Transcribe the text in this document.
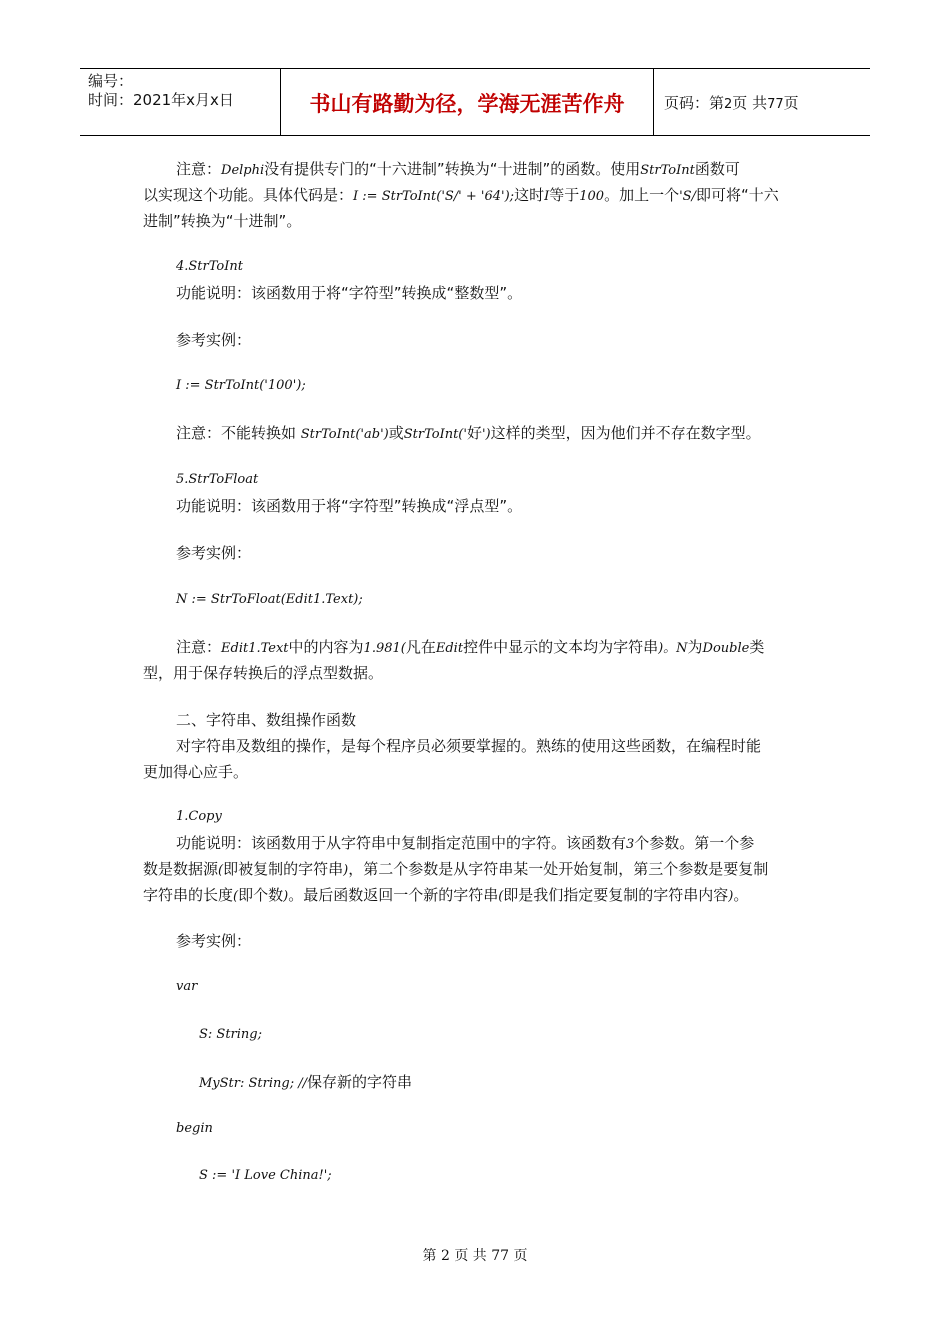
编号：
时间：2021年x月x日	书山有路勤为径，学海无涯苦作舟	页码：第2页 共77页
注意：Delphi没有提供专门的“十六进制”转换为“十进制”的函数。使用StrToInt函数可
以实现这个功能。具体代码是：I := StrToInt('S/' + '64');这时I等于100。加上一个'S/即可将“十六
进制”转换为“十进制”。
4.StrToInt
功能说明：该函数用于将“字符型”转换成“整数型”。
参考实例：
I := StrToInt('100');
注意：不能转换如 StrToInt('ab')或StrToInt('好')这样的类型，因为他们并不存在数字型。
5.StrToFloat
功能说明：该函数用于将“字符型”转换成“浮点型”。
参考实例：
N := StrToFloat(Edit1.Text);
注意：Edit1.Text中的内容为1.981(凡在Edit控件中显示的文本均为字符串)。N为Double类
型，用于保存转换后的浮点型数据。
二、字符串、数组操作函数
对字符串及数组的操作，是每个程序员必须要掌握的。熟练的使用这些函数，在编程时能
更加得心应手。
1.Copy
功能说明：该函数用于从字符串中复制指定范围中的字符。该函数有3个参数。第一个参
数是数据源(即被复制的字符串)，第二个参数是从字符串某一处开始复制，第三个参数是要复制
字符串的长度(即个数)。最后函数返回一个新的字符串(即是我们指定要复制的字符串内容)。
参考实例：
var
S: String;
MyStr: String; //保存新的字符串
begin
S := 'I Love China!';
第 2 页 共 77 页
